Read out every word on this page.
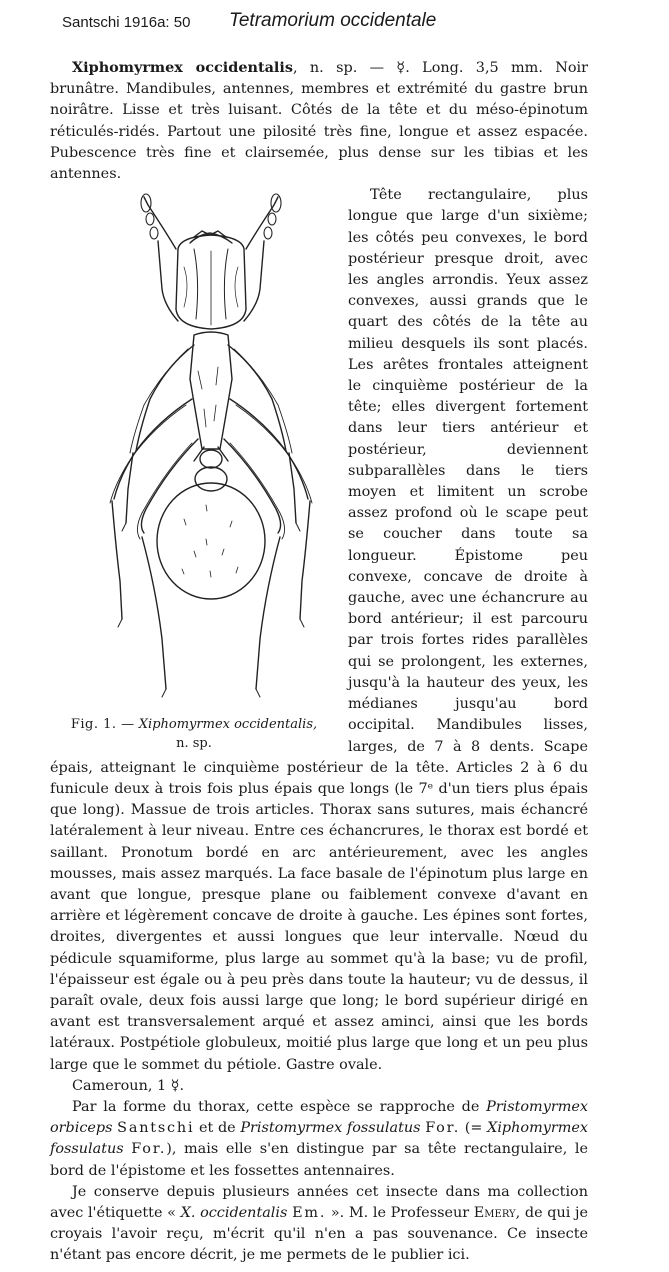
Santschi 1916a: 50 Tetramorium occidentale

Xiphomyrmex occidentalis, n. sp. — ☿. Long. 3,5 mm. Noir brunâtre. Mandibules, antennes, membres et extrémité du gastre brun noirâtre. Lisse et très luisant. Côtés de la tête et du méso-épinotum réticulés-ridés. Partout une pilosité très fine, longue et assez espacée. Pubescence très fine et clairsemée, plus dense sur les tibias et les antennes.

Fig. 1. — Xiphomyrmex occidentalis,
n. sp.

Tête rectangulaire, plus longue que large d'un sixième; les côtés peu convexes, le bord postérieur presque droit, avec les angles arrondis. Yeux assez convexes, aussi grands que le quart des côtés de la tête au milieu desquels ils sont placés. Les arêtes frontales atteignent le cinquième postérieur de la tête; elles divergent fortement dans leur tiers antérieur et postérieur, deviennent subparallèles dans le tiers moyen et limitent un scrobe assez profond où le scape peut se coucher dans toute sa longueur. Épistome peu convexe, concave de droite à gauche, avec une échancrure au bord antérieur; il est parcouru par trois fortes rides parallèles qui se prolongent, les externes, jusqu'à la hauteur des yeux, les médianes jusqu'au bord occipital. Mandibules lisses, larges, de 7 à 8 dents. Scape épais, atteignant le cinquième postérieur de la tête. Articles 2 à 6 du funicule deux à trois fois plus épais que longs (le 7ᵉ d'un tiers plus épais que long). Massue de trois articles. Thorax sans sutures, mais échancré latéralement à leur niveau. Entre ces échancrures, le thorax est bordé et saillant. Pronotum bordé en arc antérieurement, avec les angles mousses, mais assez marqués. La face basale de l'épinotum plus large en avant que longue, presque plane ou faiblement convexe d'avant en arrière et légèrement concave de droite à gauche. Les épines sont fortes, droites, divergentes et aussi longues que leur intervalle. Nœud du pédicule squamiforme, plus large au sommet qu'à la base; vu de profil, l'épaisseur est égale ou à peu près dans toute la hauteur; vu de dessus, il paraît ovale, deux fois aussi large que long; le bord supérieur dirigé en avant est transversalement arqué et assez aminci, ainsi que les bords latéraux. Postpétiole globuleux, moitié plus large que long et un peu plus large que le sommet du pétiole. Gastre ovale.

Cameroun, 1 ☿.

Par la forme du thorax, cette espèce se rapproche de Pristomyrmex orbiceps Santschi et de Pristomyrmex fossulatus For. (= Xiphomyrmex fossulatus For.), mais elle s'en distingue par sa tête rectangulaire, le bord de l'épistome et les fossettes antennaires.

Je conserve depuis plusieurs années cet insecte dans ma collection avec l'étiquette « X. occidentalis Em. ». M. le Professeur Emery, de qui je croyais l'avoir reçu, m'écrit qu'il n'en a pas souvenance. Ce insecte n'étant pas encore décrit, je me permets de le publier ici.
